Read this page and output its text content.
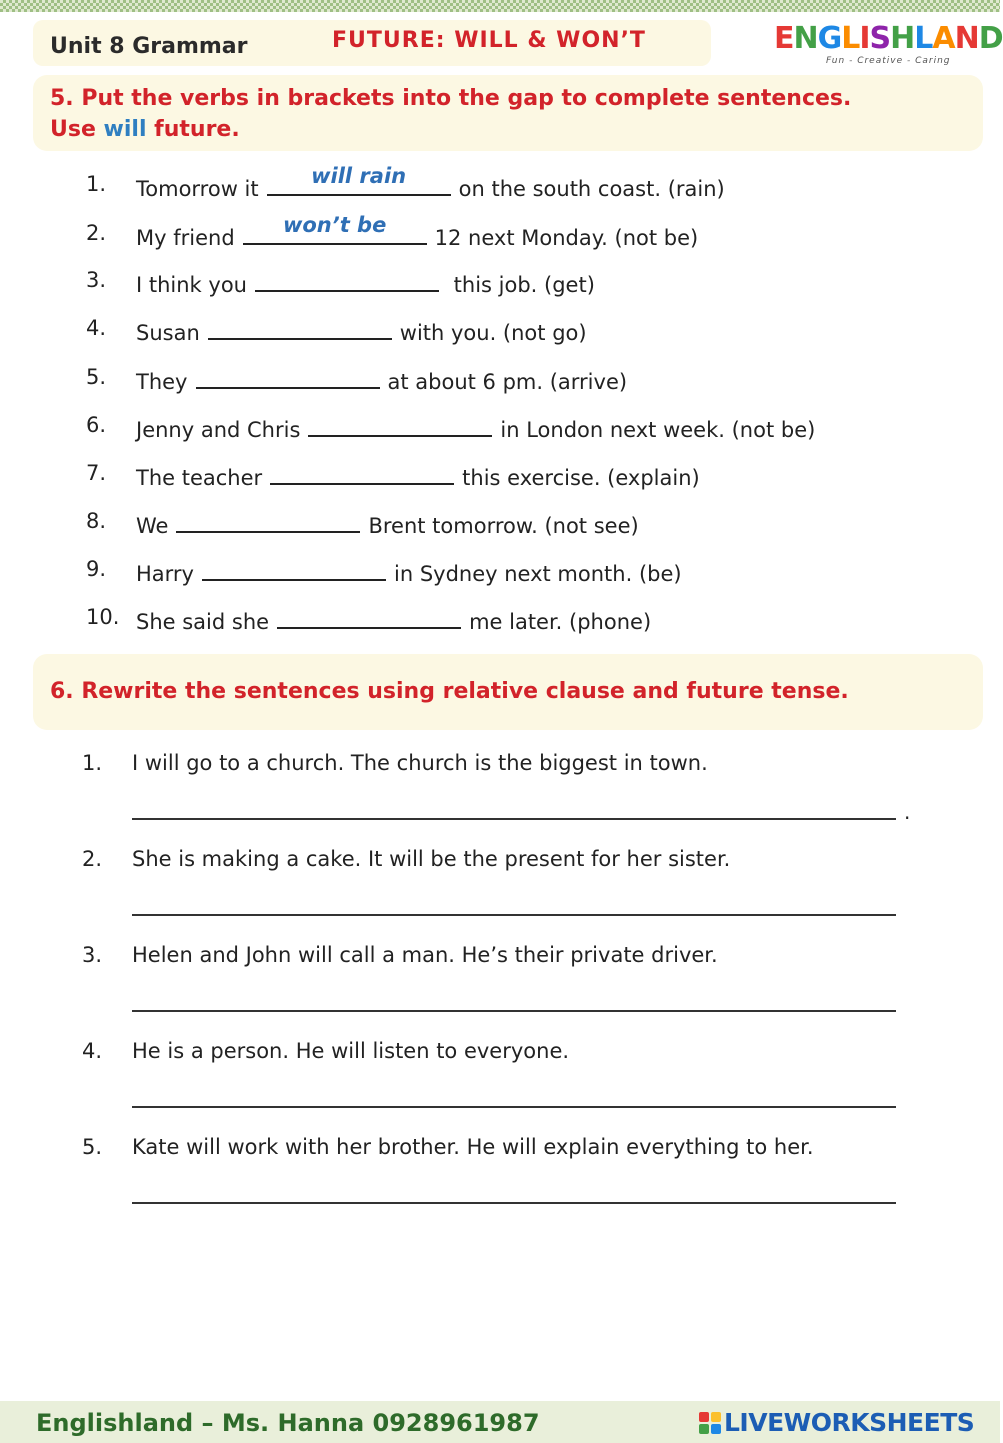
Unit 8 Grammar	FUTURE: WILL & WON’T	E N G L I S H L A N D
Fun - Creative - Caring
5. Put the verbs in brackets into the gap to complete sentences.
Use will future.
1.	Tomorrow it
will rain
on the south coast. (rain)
2.	My friend
won’t be
12 next Monday. (not be)
3.	I think you	this job. (get)
4.	Susan	with you. (not go)
5.	They	at about 6 pm. (arrive)
6.	Jenny and Chris	in London next week. (not be)
7.	The teacher	this exercise. (explain)
8.	We	Brent tomorrow. (not see)
9.	Harry	in Sydney next month. (be)
10. She said she	me later. (phone)
6. Rewrite the sentences using relative clause and future tense.
1. I will go to a church. The church is the biggest in town.
.
2. She is making a cake. It will be the present for her sister.
3. Helen and John will call a man. He’s their private driver.
4. He is a person. He will listen to everyone.
5. Kate will work with her brother. He will explain everything to her.
Englishland – Ms. Hanna 0928961987	LIVEWORKSHEETS
